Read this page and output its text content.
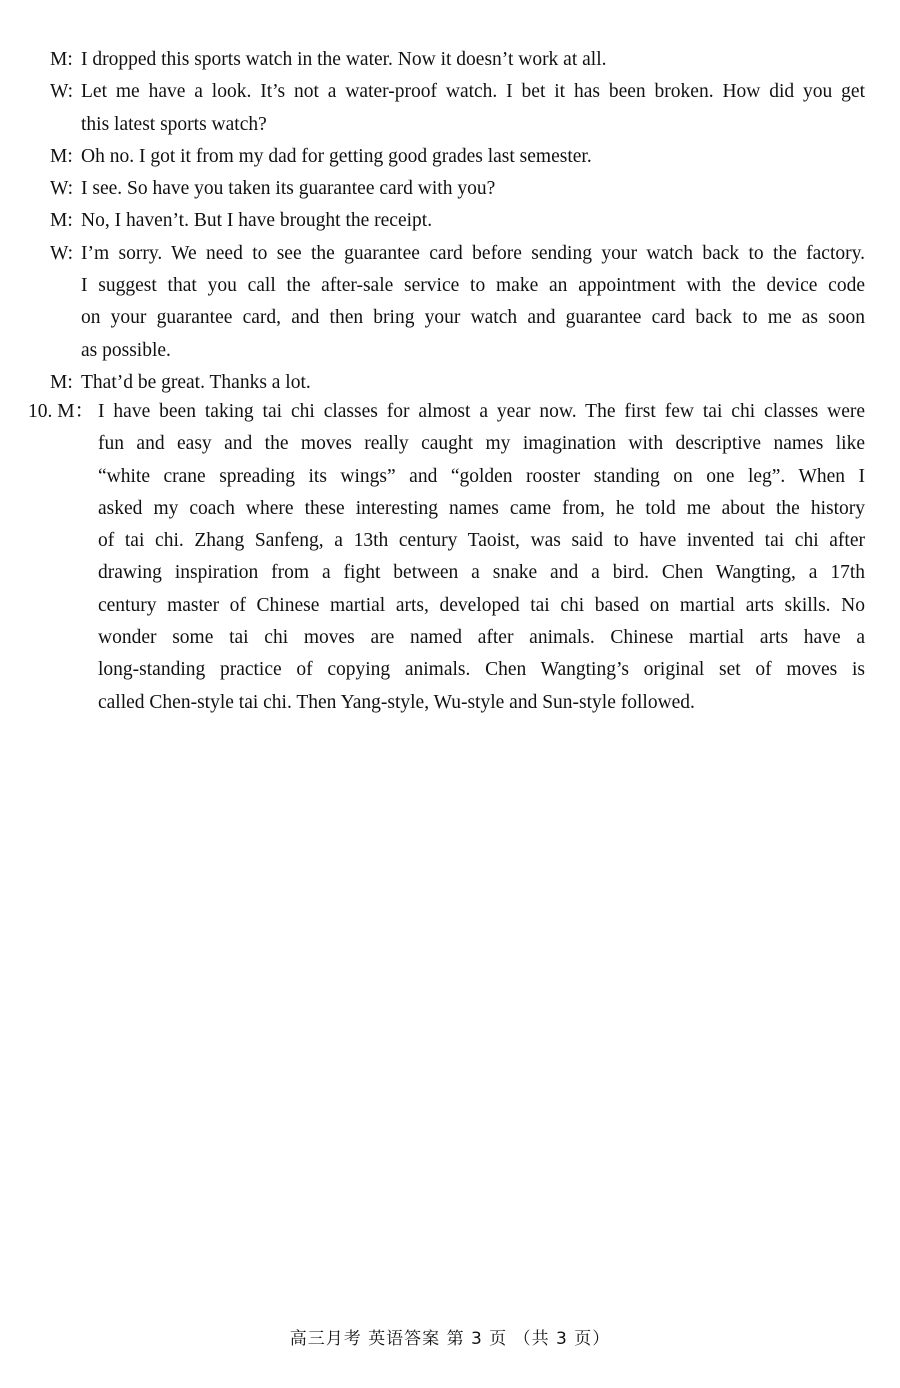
M: I dropped this sports watch in the water. Now it doesn’t work at all.
W: Let me have a look. It’s not a water-proof watch. I bet it has been broken. How did you get
this latest sports watch?
M: Oh no. I got it from my dad for getting good grades last semester.
W: I see. So have you taken its guarantee card with you?
M: No, I haven’t. But I have brought the receipt.
W: I’m sorry. We need to see the guarantee card before sending your watch back to the factory.
I suggest that you call the after-sale service to make an appointment with the device code
on your guarantee card, and then bring your watch and guarantee card back to me as soon
as possible.
M: That’d be great. Thanks a lot.
10. M： I have been taking tai chi classes for almost a year now. The first few tai chi classes were
fun and easy and the moves really caught my imagination with descriptive names like
“white crane spreading its wings” and “golden rooster standing on one leg”. When I
asked my coach where these interesting names came from, he told me about the history
of tai chi. Zhang Sanfeng, a 13th century Taoist, was said to have invented tai chi after
drawing inspiration from a fight between a snake and a bird. Chen Wangting, a 17th
century master of Chinese martial arts, developed tai chi based on martial arts skills. No
wonder some tai chi moves are named after animals. Chinese martial arts have a
long-standing practice of copying animals. Chen Wangting’s original set of moves is
called Chen-style tai chi. Then Yang-style, Wu-style and Sun-style followed.
高三月考 英语答案 第 3 页 （共 3 页）
